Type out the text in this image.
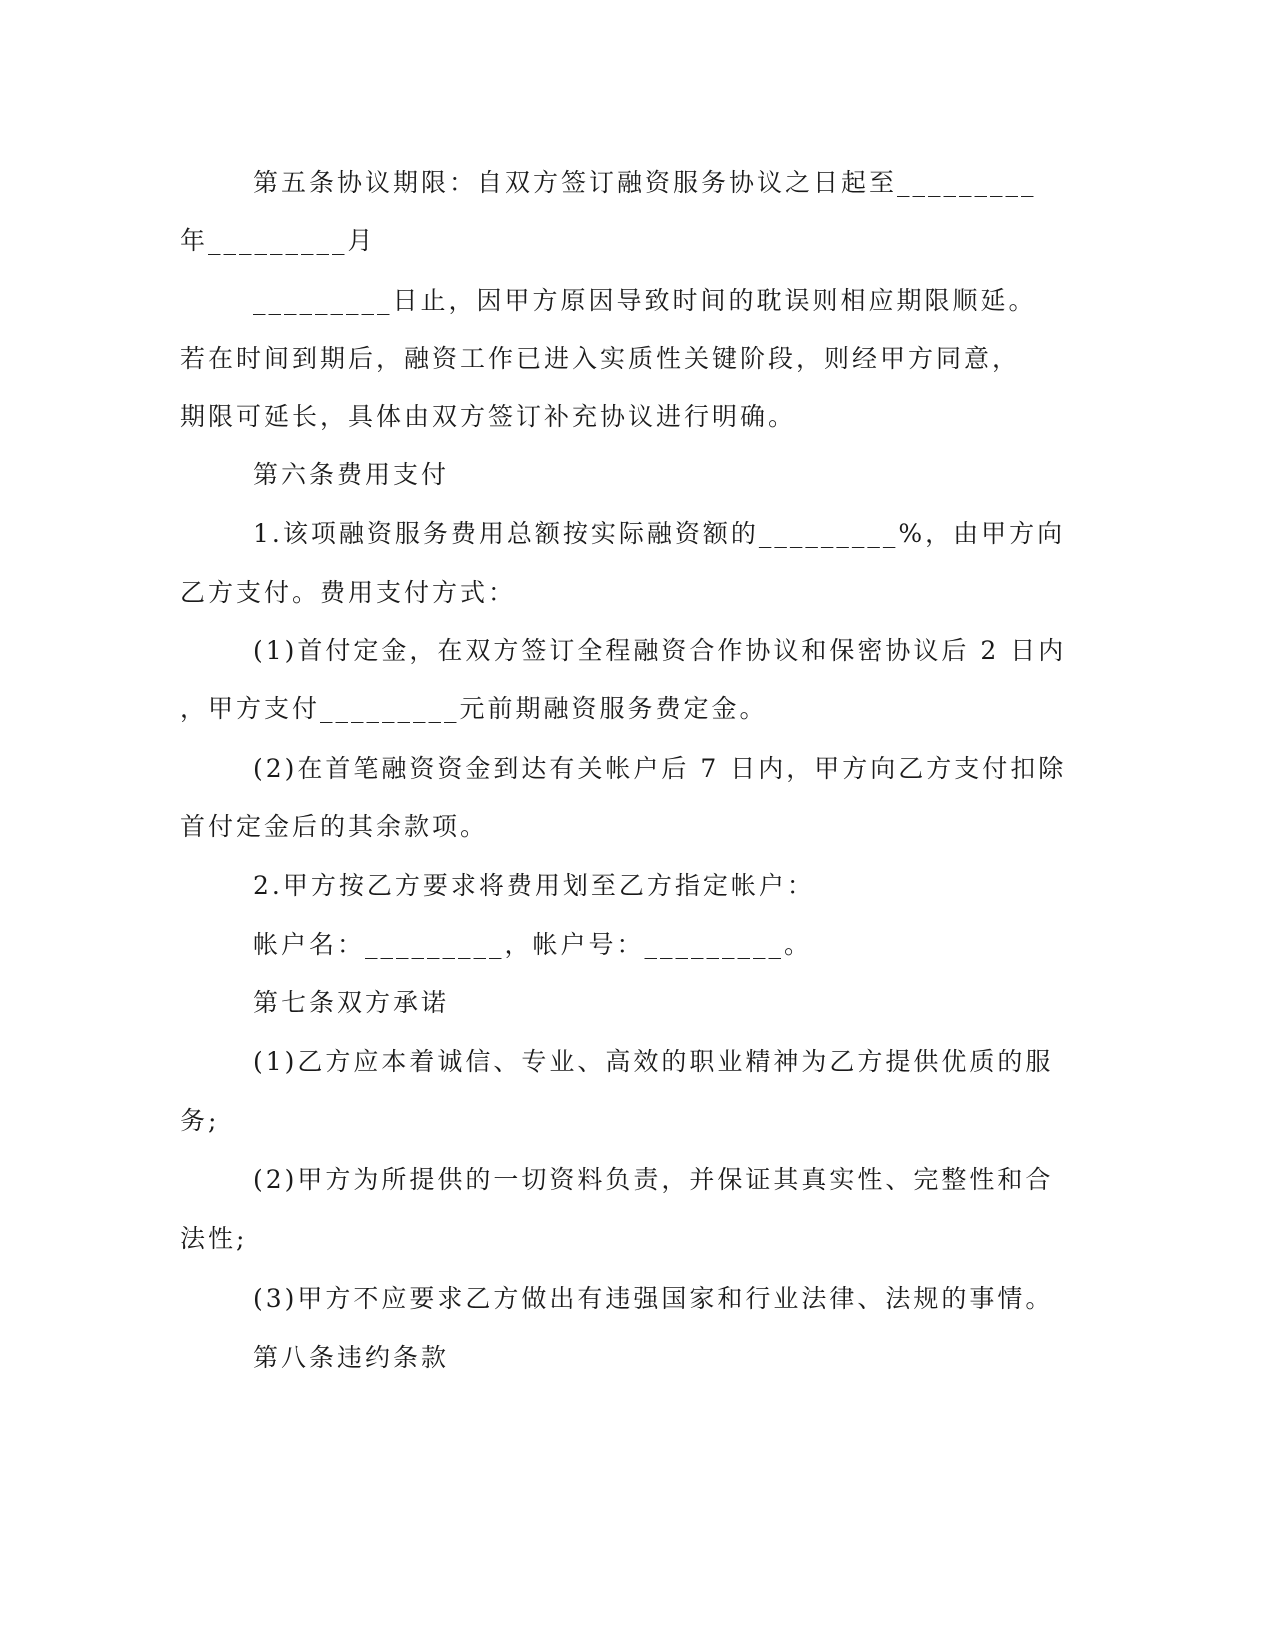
第五条协议期限：自双方签订融资服务协议之日起至_________
年_________月
_________日止，因甲方原因导致时间的耽误则相应期限顺延。
若在时间到期后，融资工作已进入实质性关键阶段，则经甲方同意，
期限可延长，具体由双方签订补充协议进行明确。
第六条费用支付
1.该项融资服务费用总额按实际融资额的_________%，由甲方向
乙方支付。费用支付方式：
(1)首付定金，在双方签订全程融资合作协议和保密协议后 2 日内
，甲方支付_________元前期融资服务费定金。
(2)在首笔融资资金到达有关帐户后 7 日内，甲方向乙方支付扣除
首付定金后的其余款项。
2.甲方按乙方要求将费用划至乙方指定帐户：
帐户名：_________，帐户号：_________。
第七条双方承诺
(1)乙方应本着诚信、专业、高效的职业精神为乙方提供优质的服
务;
(2)甲方为所提供的一切资料负责，并保证其真实性、完整性和合
法性;
(3)甲方不应要求乙方做出有违强国家和行业法律、法规的事情。
第八条违约条款
